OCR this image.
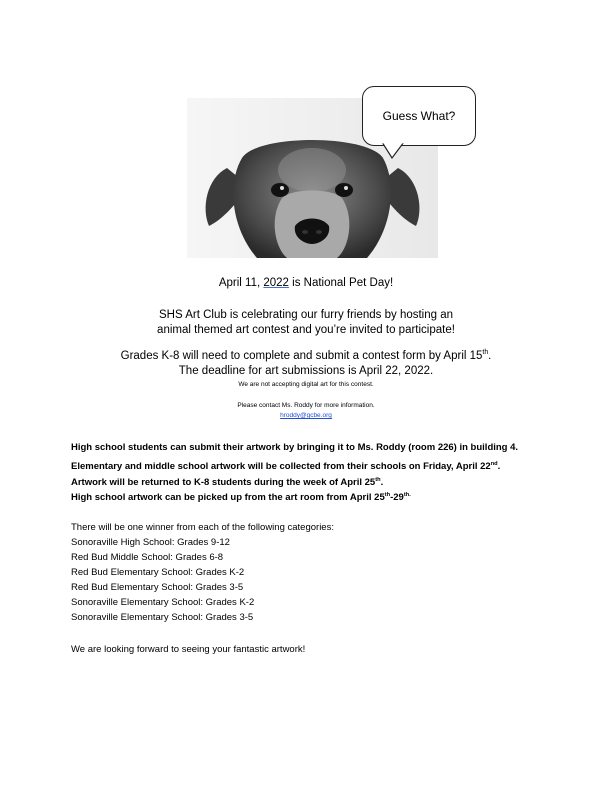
Guess What?
April 11, 2022 is National Pet Day!
SHS Art Club is celebrating our furry friends by hosting an
animal themed art contest and you’re invited to participate!
Grades K-8 will need to complete and submit a contest form by April 15th.
The deadline for art submissions is April 22, 2022.
We are not accepting digital art for this contest.
Please contact Ms. Roddy for more information.
hroddy@gcbe.org
High school students can submit their artwork by bringing it to Ms. Roddy (room 226) in building 4.
Elementary and middle school artwork will be collected from their schools on Friday, April 22nd.
Artwork will be returned to K-8 students during the week of April 25th.
High school artwork can be picked up from the art room from April $25th-29^{th.}$
There will be one winner from each of the following categories:
Sonoraville High School: Grades 9-12
Red Bud Middle School: Grades 6-8
Red Bud Elementary School: Grades K-2
Red Bud Elementary School: Grades 3-5
Sonoraville Elementary School: Grades K-2
Sonoraville Elementary School: Grades 3-5
We are looking forward to seeing your fantastic artwork!
